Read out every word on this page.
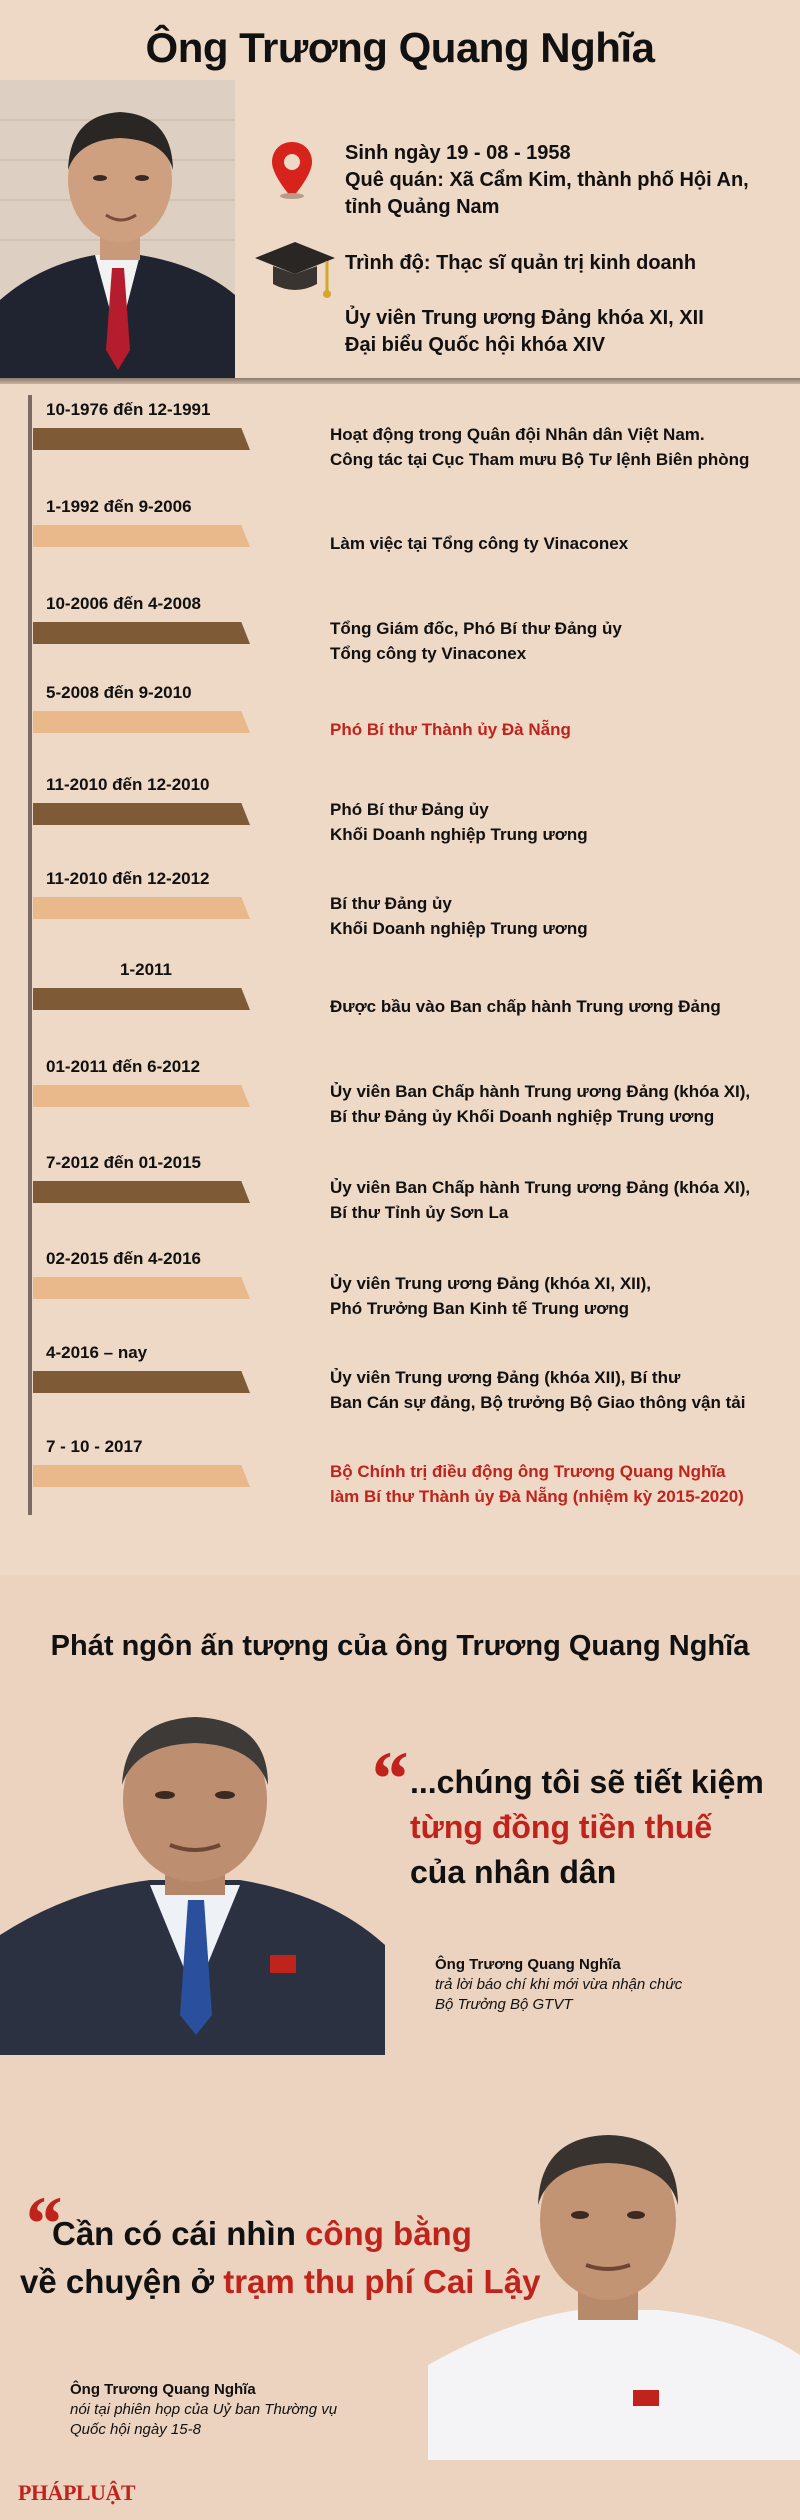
Ông Trương Quang Nghĩa
Sinh ngày 19 - 08 - 1958
Quê quán: Xã Cẩm Kim, thành phố Hội An,
tỉnh Quảng Nam
Trình độ: Thạc sĩ quản trị kinh doanh
Ủy viên Trung ương Đảng khóa XI, XII
Đại biểu Quốc hội khóa XIV
10-1976 đến 12-1991
Hoạt động trong Quân đội Nhân dân Việt Nam.
Công tác tại Cục Tham mưu Bộ Tư lệnh Biên phòng
1-1992 đến 9-2006
Làm việc tại Tổng công ty Vinaconex
10-2006 đến 4-2008
Tổng Giám đốc, Phó Bí thư Đảng ủy
Tổng công ty Vinaconex
5-2008 đến 9-2010
Phó Bí thư Thành ủy Đà Nẵng
11-2010 đến 12-2010
Phó Bí thư Đảng ủy
Khối Doanh nghiệp Trung ương
11-2010 đến 12-2012
Bí thư Đảng ủy
Khối Doanh nghiệp Trung ương
1-2011
Được bầu vào Ban chấp hành Trung ương Đảng
01-2011 đến 6-2012
Ủy viên Ban Chấp hành Trung ương Đảng (khóa XI),
Bí thư Đảng ủy Khối Doanh nghiệp Trung ương
7-2012 đến 01-2015
Ủy viên Ban Chấp hành Trung ương Đảng (khóa XI),
Bí thư Tỉnh ủy Sơn La
02-2015 đến 4-2016
Ủy viên Trung ương Đảng (khóa XI, XII),
Phó Trưởng Ban Kinh tế Trung ương
4-2016 – nay
Ủy viên Trung ương Đảng (khóa XII), Bí thư
Ban Cán sự đảng, Bộ trưởng Bộ Giao thông vận tải
7 - 10 - 2017
Bộ Chính trị điều động ông Trương Quang Nghĩa
làm Bí thư Thành ủy Đà Nẵng (nhiệm kỳ 2015-2020)
Phát ngôn ấn tượng của ông Trương Quang Nghĩa
“ ...chúng tôi sẽ tiết kiệm
từng đồng tiền thuế
của nhân dân
Ông Trương Quang Nghĩa
trả lời báo chí khi mới vừa nhận chức
Bộ Trưởng Bộ GTVT
“
Cần có cái nhìn công bằng
về chuyện ở trạm thu phí Cai Lậy
Ông Trương Quang Nghĩa
nói tại phiên họp của Uỷ ban Thường vụ
Quốc hội ngày 15-8
PHÁPLUẬT
